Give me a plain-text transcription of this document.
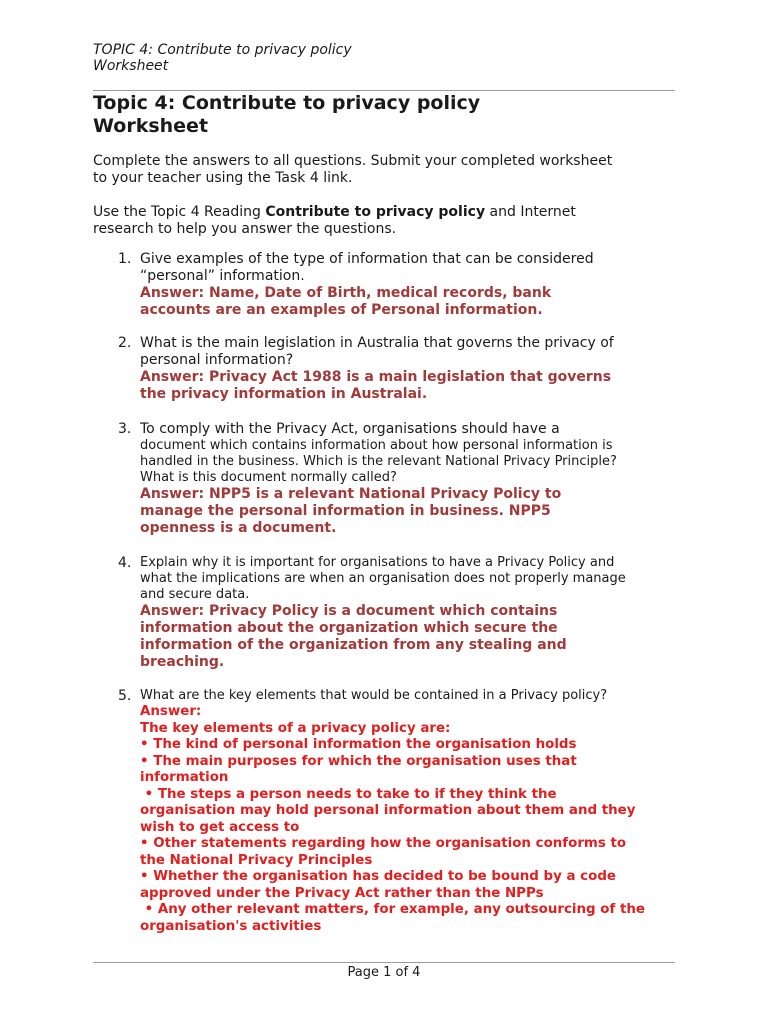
TOPIC 4: Contribute to privacy policy
Worksheet
Topic 4: Contribute to privacy policy
Worksheet
Complete the answers to all questions. Submit your completed worksheet
to your teacher using the Task 4 link.
Use the Topic 4 Reading Contribute to privacy policy and Internet
research to help you answer the questions.
1. Give examples of the type of information that can be considered
“personal” information.
Answer: Name, Date of Birth, medical records, bank
accounts are an examples of Personal information.
2. What is the main legislation in Australia that governs the privacy of
personal information?
Answer: Privacy Act 1988 is a main legislation that governs
the privacy information in Australai.
3. To comply with the Privacy Act, organisations should have a
document which contains information about how personal information is
handled in the business. Which is the relevant National Privacy Principle?
What is this document normally called?
Answer: NPP5 is a relevant National Privacy Policy to
manage the personal information in business. NPP5
openness is a document.
4. Explain why it is important for organisations to have a Privacy Policy and
what the implications are when an organisation does not properly manage
and secure data.
Answer: Privacy Policy is a document which contains
information about the organization which secure the
information of the organization from any stealing and
breaching.
5. What are the key elements that would be contained in a Privacy policy?
Answer:
The key elements of a privacy policy are:
• The kind of personal information the organisation holds
• The main purposes for which the organisation uses that
information
• The steps a person needs to take to if they think the
organisation may hold personal information about them and they
wish to get access to
• Other statements regarding how the organisation conforms to
the National Privacy Principles
• Whether the organisation has decided to be bound by a code
approved under the Privacy Act rather than the NPPs
• Any other relevant matters, for example, any outsourcing of the
organisation's activities
Page 1 of 4
